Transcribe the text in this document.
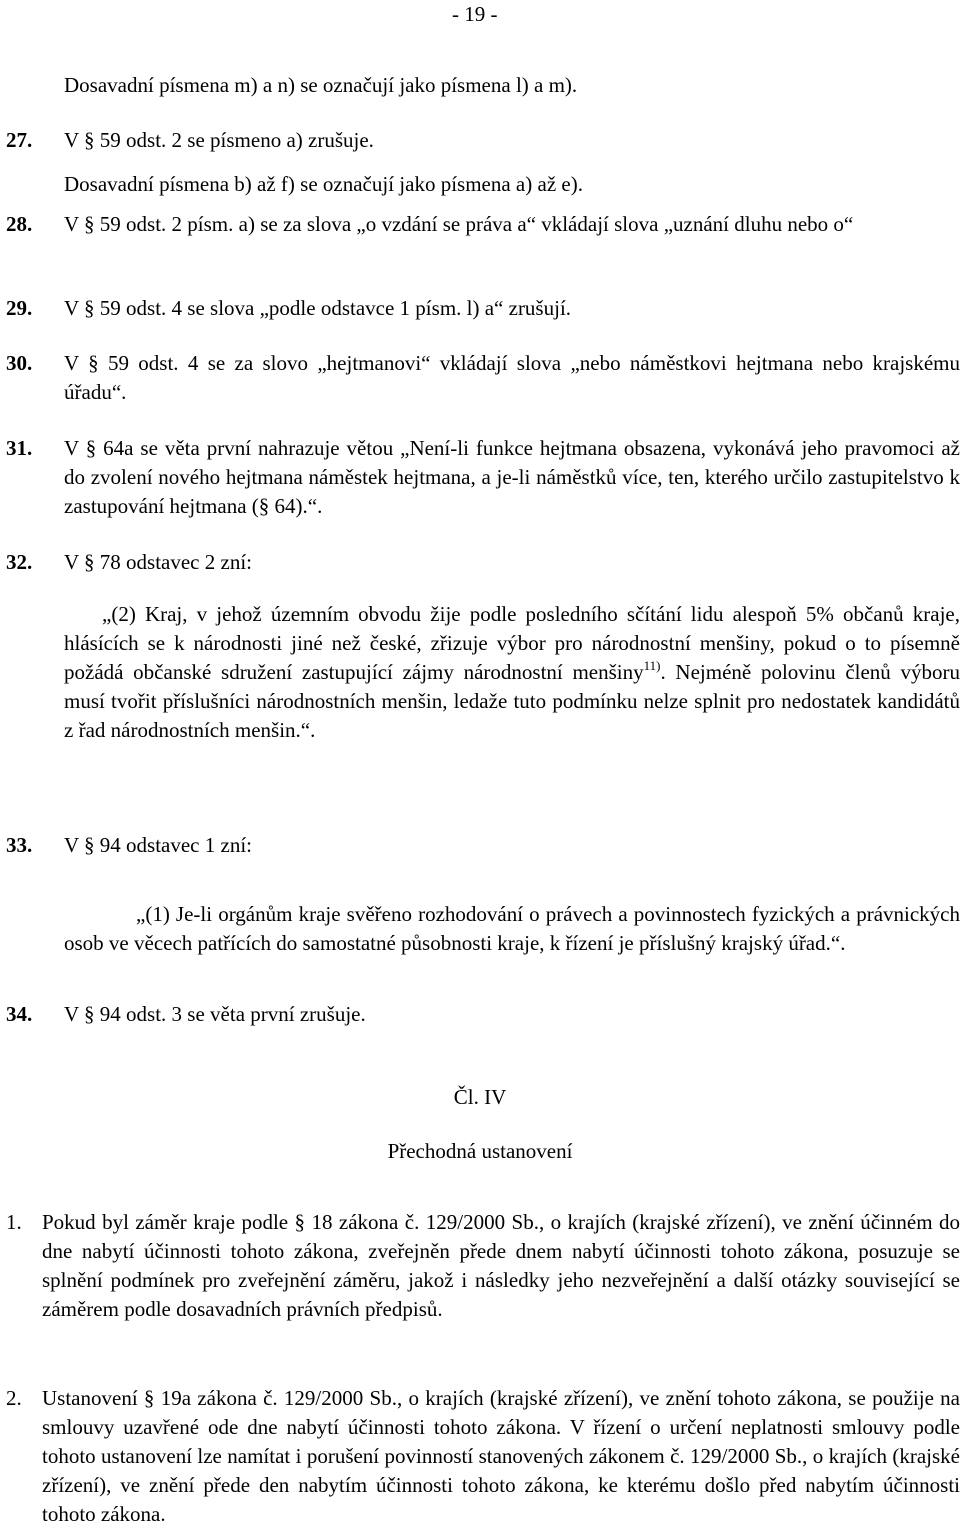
- 19 -
Dosavadní písmena m) a n) se označují jako písmena l) a m).
27. V § 59 odst. 2 se písmeno a) zrušuje.
Dosavadní písmena b) až f) se označují jako písmena a) až e).
28. V § 59 odst. 2 písm. a) se za slova „o vzdání se práva a“ vkládají slova „uznání dluhu nebo o“
29. V § 59 odst. 4 se slova „podle odstavce 1 písm. l) a“ zrušují.
30. V § 59 odst. 4 se za slovo „hejtmanovi“ vkládají slova „nebo náměstkovi hejtmana nebo krajskému úřadu“.
31. V § 64a se věta první nahrazuje větou „Není-li funkce hejtmana obsazena, vykonává jeho pravomoci až do zvolení nového hejtmana náměstek hejtmana, a je-li náměstků více, ten, kterého určilo zastupitelstvo k zastupování hejtmana (§ 64).“.
32. V § 78 odstavec 2 zní:
„(2) Kraj, v jehož územním obvodu žije podle posledního sčítání lidu alespoň 5% občanů kraje, hlásících se k národnosti jiné než české, zřizuje výbor pro národnostní menšiny, pokud o to písemně požádá občanské sdružení zastupující zájmy národnostní menšiny$^{11)}$. Nejméně polovinu členů výboru musí tvořit příslušníci národnostních menšin, ledaže tuto podmínku nelze splnit pro nedostatek kandidátů z řad národnostních menšin.“.
33. V § 94 odstavec 1 zní:
„(1) Je-li orgánům kraje svěřeno rozhodování o právech a povinnostech fyzických a právnických osob ve věcech patřících do samostatné působnosti kraje, k řízení je příslušný krajský úřad.“.
34. V § 94 odst. 3 se věta první zrušuje.
Čl. IV
Přechodná ustanovení
1. Pokud byl záměr kraje podle § 18 zákona č. 129/2000 Sb., o krajích (krajské zřízení), ve znění účinném do dne nabytí účinnosti tohoto zákona, zveřejněn přede dnem nabytí účinnosti tohoto zákona, posuzuje se splnění podmínek pro zveřejnění záměru, jakož i následky jeho nezveřejnění a další otázky související se záměrem podle dosavadních právních předpisů.
2. Ustanovení § 19a zákona č. 129/2000 Sb., o krajích (krajské zřízení), ve znění tohoto zákona, se použije na smlouvy uzavřené ode dne nabytí účinnosti tohoto zákona. V řízení o určení neplatnosti smlouvy podle tohoto ustanovení lze namítat i porušení povinností stanovených zákonem č. 129/2000 Sb., o krajích (krajské zřízení), ve znění přede den nabytím účinnosti tohoto zákona, ke kterému došlo před nabytím účinnosti tohoto zákona.
